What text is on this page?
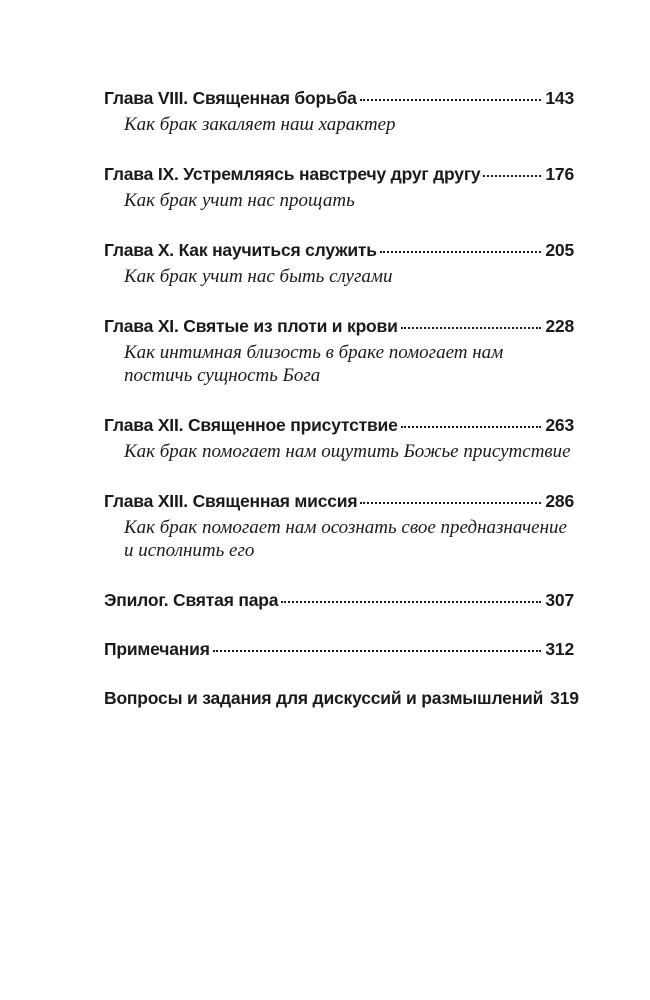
Глава VIII. Священная борьба	143
Как брак закаляет наш характер
Глава IX. Устремляясь навстречу друг другу	176
Как брак учит нас прощать
Глава X. Как научиться служить	205
Как брак учит нас быть слугами
Глава XI. Святые из плоти и крови	228
Как интимная близость в браке помогает нам постичь сущность Бога
Глава XII. Священное присутствие	263
Как брак помогает нам ощутить Божье присутствие
Глава XIII. Священная миссия	286
Как брак помогает нам осознать свое предназначение и исполнить его
Эпилог. Святая пара	307
Примечания	312
Вопросы и задания для дискуссий и размышлений 319
